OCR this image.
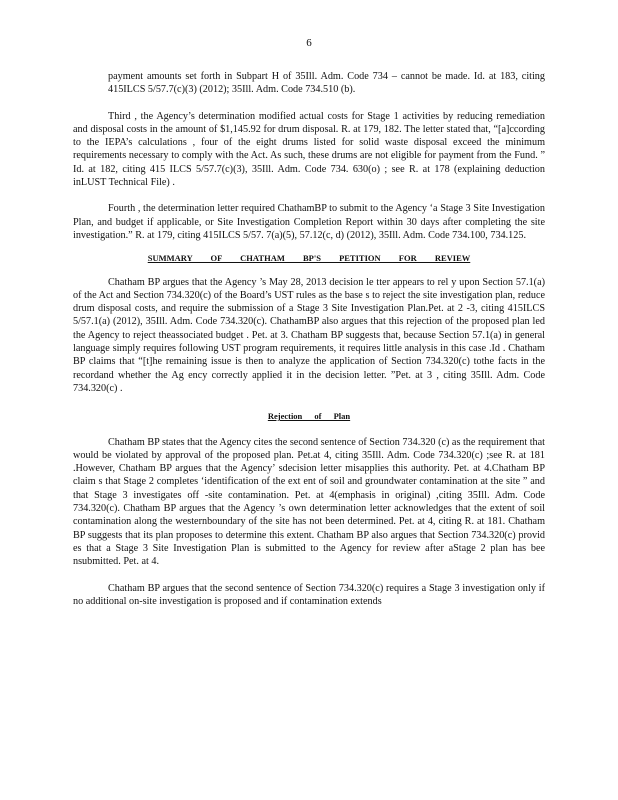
6

payment amounts set forth in Subpart H of 35Ill. Adm. Code 734 – cannot be made. Id. at 183, citing 415ILCS 5/57.7(c)(3) (2012); 35Ill. Adm. Code 734.510 (b).

Third , the Agency’s determination modified actual costs for Stage 1 activities by reducing remediation and disposal costs in the amount of $1,145.92 for drum disposal. R. at 179, 182. The letter stated that, “[a]ccording to the IEPA’s calculations , four of the eight drums listed for solid waste disposal exceed the minimum requirements necessary to comply with the Act. As such, these drums are not eligible for payment from the Fund. ” Id. at 182, citing 415 ILCS 5/57.7(c)(3), 35Ill. Adm. Code 734. 630(o) ; see R. at 178 (explaining deduction inLUST Technical File) .

Fourth , the determination letter required ChathamBP to submit to the Agency ‘a Stage 3 Site Investigation Plan, and budget if applicable, or Site Investigation Completion Report within 30 days after completing the site investigation.” R. at 179, citing 415ILCS 5/57. 7(a)(5), 57.12(c, d) (2012), 35Ill. Adm. Code 734.100, 734.125.

SUMMARY OF CHATHAM BP'S PETITION FOR REVIEW

Chatham BP argues that the Agency ’s May 28, 2013 decision le tter appears to rel y upon Section 57.1(a) of the Act and Section 734.320(c) of the Board’s UST rules as the base s to reject the site investigation plan, reduce drum disposal costs, and require the submission of a Stage 3 Site Investigation Plan.Pet. at 2 -3, citing 415ILCS 5/57.1(a) (2012), 35Ill. Adm. Code 734.320(c). ChathamBP also argues that this rejection of the proposed plan led the Agency to reject theassociated budget . Pet. at 3. Chatham BP suggests that, because Section 57.1(a) in general language simply requires following UST program requirements, it requires little analysis in this case .Id . Chatham BP claims that “[t]he remaining issue is then to analyze the application of Section 734.320(c) tothe facts in the recordand whether the Ag ency correctly applied it in the decision letter. ”Pet. at 3 , citing 35Ill. Adm. Code 734.320(c) .

Rejection of Plan

Chatham BP states that the Agency cites the second sentence of Section 734.320 (c) as the requirement that would be violated by approval of the proposed plan. Pet.at 4, citing 35Ill. Adm. Code 734.320(c) ;see R. at 181 .However, Chatham BP argues that the Agency’ sdecision letter misapplies this authority. Pet. at 4.Chatham BP claim s that Stage 2 completes ‘identification of the ext ent of soil and groundwater contamination at the site ” and that Stage 3 investigates off -site contamination. Pet. at 4(emphasis in original) ,citing 35Ill. Adm. Code 734.320(c). Chatham BP argues that the Agency ’s own determination letter acknowledges that the extent of soil contamination along the westernboundary of the site has not been determined. Pet. at 4, citing R. at 181. Chatham BP suggests that its plan proposes to determine this extent. Chatham BP also argues that Section 734.320(c) provid es that a Stage 3 Site Investigation Plan is submitted to the Agency for review after aStage 2 plan has bee nsubmitted. Pet. at 4.

Chatham BP argues that the second sentence of Section 734.320(c) requires a Stage 3 investigation only if no additional on-site investigation is proposed and if contamination extends
